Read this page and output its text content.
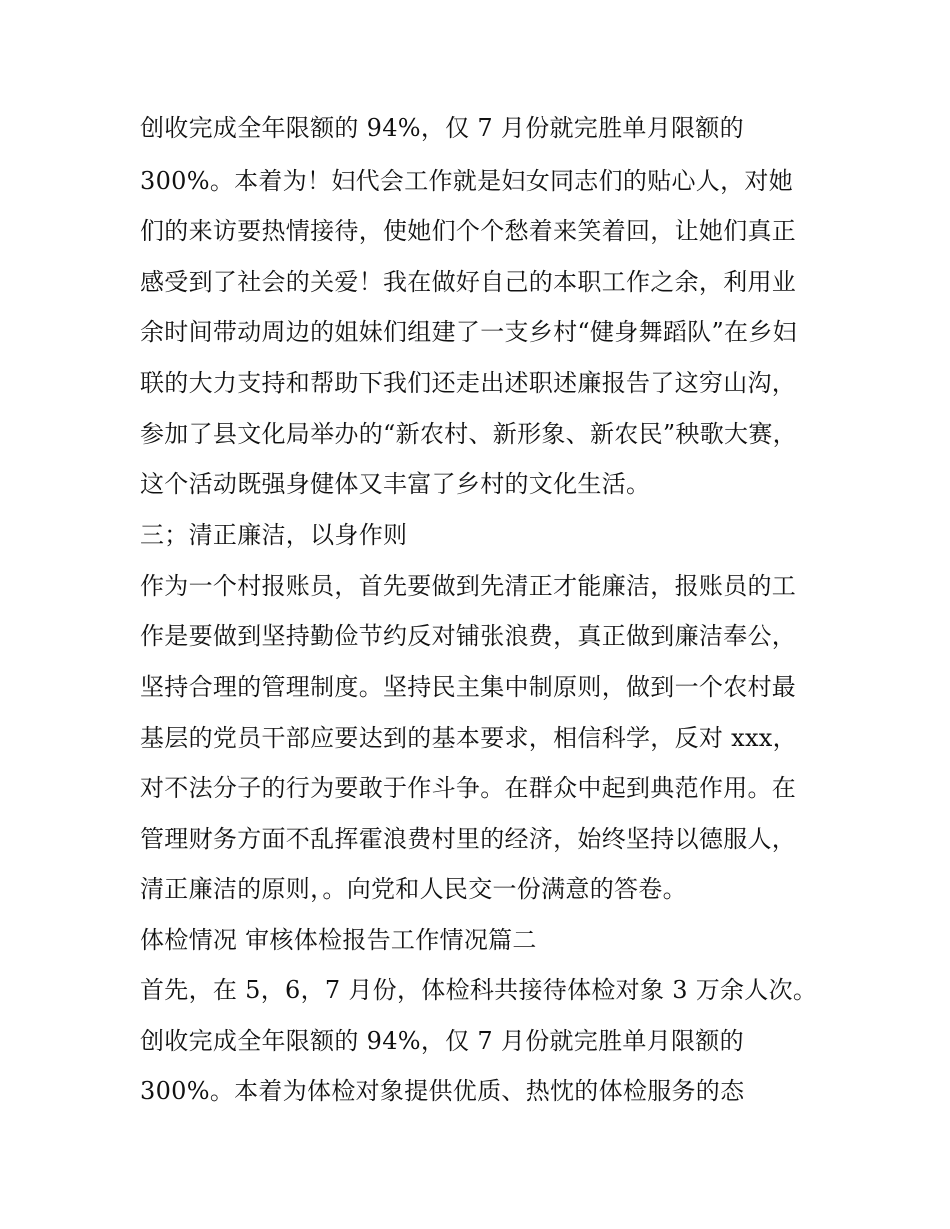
创收完成全年限额的 94%，仅 7 月份就完胜单月限额的
300%。本着为！妇代会工作就是妇女同志们的贴心人，对她
们的来访要热情接待，使她们个个愁着来笑着回，让她们真正
感受到了社会的关爱！我在做好自己的本职工作之余，利用业
余时间带动周边的姐妹们组建了一支乡村“健身舞蹈队”在乡妇
联的大力支持和帮助下我们还走出述职述廉报告了这穷山沟，
参加了县文化局举办的“新农村、新形象、新农民”秧歌大赛，
这个活动既强身健体又丰富了乡村的文化生活。
三；清正廉洁，以身作则
作为一个村报账员，首先要做到先清正才能廉洁，报账员的工
作是要做到坚持勤俭节约反对铺张浪费，真正做到廉洁奉公，
坚持合理的管理制度。坚持民主集中制原则，做到一个农村最
基层的党员干部应要达到的基本要求，相信科学，反对 xxx，
对不法分子的行为要敢于作斗争。在群众中起到典范作用。在
管理财务方面不乱挥霍浪费村里的经济，始终坚持以德服人，
清正廉洁的原则，。向党和人民交一份满意的答卷。
体检情况 审核体检报告工作情况篇二
首先，在 5，6，7 月份，体检科共接待体检对象 3 万余人次。
创收完成全年限额的 94%，仅 7 月份就完胜单月限额的
300%。本着为体检对象提供优质、热忱的体检服务的态
